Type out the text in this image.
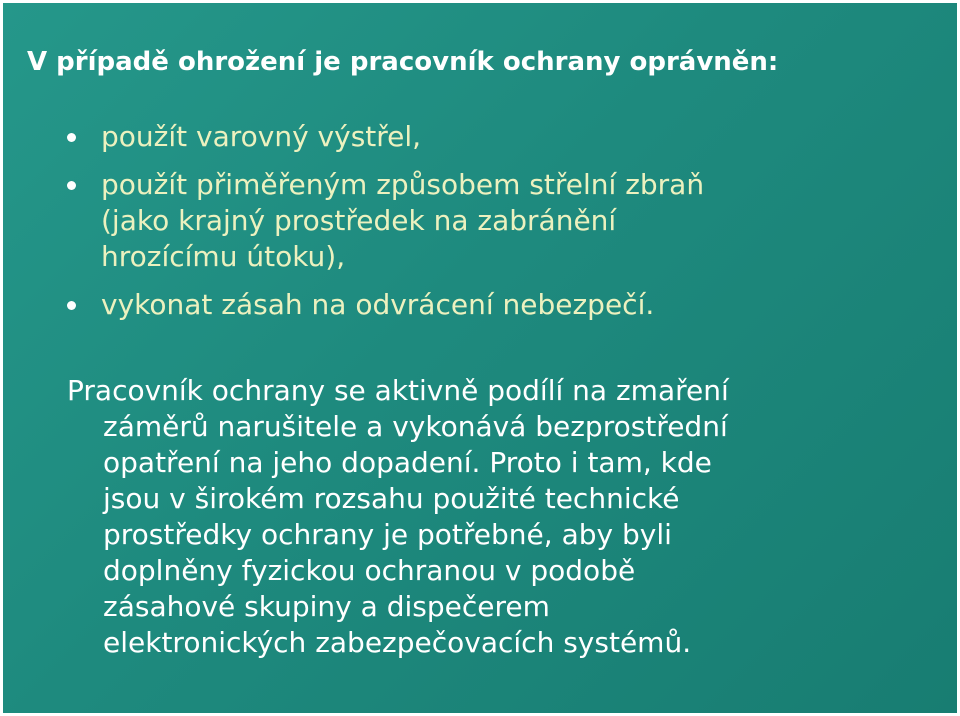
V případě ohrožení je pracovník ochrany oprávněn:
použít varovný výstřel,
použít přiměřeným způsobem střelní zbraň
(jako krajný prostředek na zabránění
hrozícímu útoku),
vykonat zásah na odvrácení nebezpečí.

Pracovník ochrany se aktivně podílí na zmaření
záměrů narušitele a vykonává bezprostřední
opatření na jeho dopadení. Proto i tam, kde
jsou v širokém rozsahu použité technické
prostředky ochrany je potřebné, aby byli
doplněny fyzickou ochranou v podobě
zásahové skupiny a dispečerem
elektronických zabezpečovacích systémů.
